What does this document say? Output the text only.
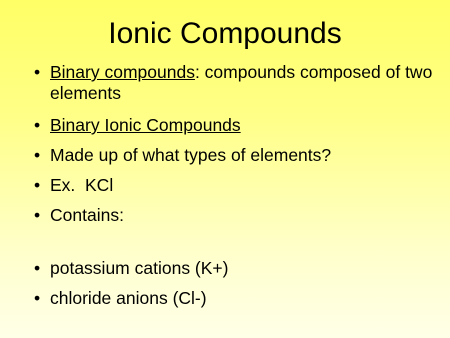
Ionic Compounds
• Binary compounds: compounds composed of two elements
• Binary Ionic Compounds
• Made up of what types of elements?
• Ex.  KCl
• Contains:
• potassium cations (K+)
• chloride anions (Cl-)
